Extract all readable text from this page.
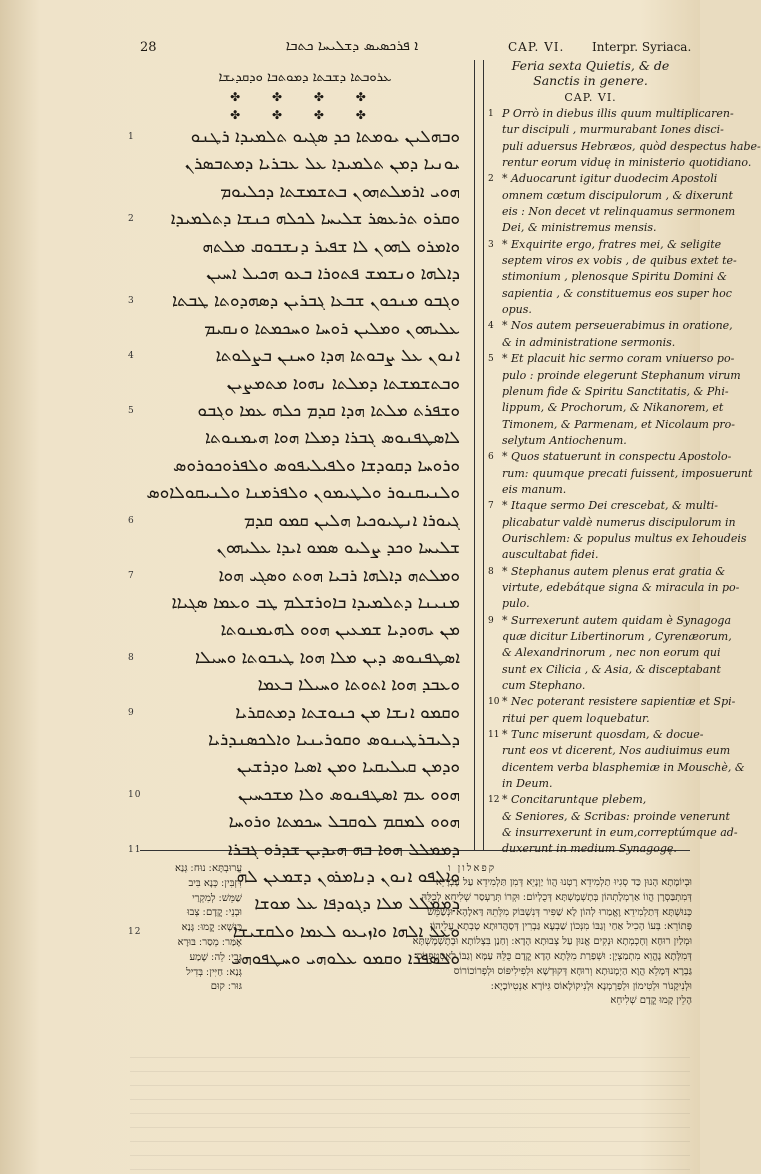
28	ܐ ܦܪܟܣܝܣ ܕܫܠܝܚܐ ܟܬܒܐ	CAP. VI. Interpr. Syriaca.
ܥܪܘܒܬܐ ܕܫܒܬܐ ܕܡܘܬܒܐ ܘܕܩܕܝܫܐ
✤ ✤ ✤ ✤
✤ ✤ ✤ ✤
ܘܒܗܠܝܢ ܝܘܡܬܐ ܟܕ ܣܓܝܘ ܬܠܡܝܕܐ ܪܛܢܘ
1
ܝܘܢܝܐ ܕܡܢ ܬܠܡܝܕܐ ܥܠ ܥܒܪܝܐ ܕܡܬܒܣܪܢ
ܗܘܝ ܐܪܡܠܬܗܘܢ ܒܬܫܡܫܬܐ ܕܟܠܝܘܡ
ܘܩܪܘ ܬܪܥܣܪ ܫܠܝܚܐ ܠܟܠܗ ܟܢܫܐ ܕܬܠܡܝܕܐ
2
ܘܐܡܪܘ ܠܗܘܢ ܠܐ ܫܦܝܪ ܕܢܫܒܘܩ ܡܠܬܗ
ܕܐܠܗܐ ܘܢܫܡܫ ܦܬܘܪܐ ܒܥܘ ܗܟܝܠ ܐܚܝܢ
ܘܓܒܘ ܡܢܟܘܢ ܫܒܥܐ ܓܒܪܝܢ ܕܣܗܕܘܬܐ ܛܒܬܐ
3
ܥܠܝܗܘܢ ܘܡܠܝܢ ܪܘܚܐ ܘܚܟܡܬܐ ܘܢܩܝܡ
ܐܢܘܢ ܥܠ ܨܒܘܬܐ ܗܕܐ ܘܚܢܢ ܒܨܠܘܬܐ
4
ܘܒܬܫܡܫܬܐ ܕܡܠܬܐ ܢܗܘܐ ܡܬܡܨܝܢ
ܘܫܦܪܬ ܡܠܬܐ ܗܕܐ ܩܕܡ ܟܠܗ ܥܡܐ ܘܓܒܘ
5
ܠܐܣܛܦܢܘܣ ܓܒܪܐ ܕܡܠܐ ܗܘܐ ܗܝܡܢܘܬܐ
ܘܪܘܚܐ ܕܩܘܕܫܐ ܘܠܦܝܠܝܦܘܣ ܘܠܦܪܘܟܘܪܘܣ
ܘܠܢܝܩܢܘܪ ܘܠܛܝܡܘܢ ܘܠܦܪܡܢܐ ܘܠܢܝܩܘܠܐܘܣ
ܓܝܘܪܐ ܐܢܛܝܘܟܝܐ ܗܠܝܢ ܩܡܘ ܩܕܡ
6
ܫܠܝܚܐ ܘܟܕ ܨܠܝܘ ܤܡܘ ܐܝܕܐ ܥܠܝܗܘܢ
ܘܡܠܬܗ ܕܐܠܗܐ ܪܒܝܐ ܗܘܬ ܘܣܓܝ ܗܘܐ
7
ܡܢܝܢܐ ܕܬܠܡܝܕܐ ܒܐܘܪܫܠܡ ܛܒ ܘܥܡܐ ܣܓܝܐܐ
ܡܢ ܝܗܘܕܝܐ ܫܡܥܝܢ ܗܘܘ ܠܗܝܡܢܘܬܐ
ܐܣܛܦܢܘܣ ܕܝܢ ܡܠܐ ܗܘܐ ܛܝܒܘܬܐ ܘܚܝܠܐ
8
ܘܥܒܕ ܗܘܐ ܐܬܘܬܐ ܘܚܝܠܐ ܒܥܡܐ
ܘܩܡܘ ܐܢܫܐ ܡܢ ܟܢܘܫܬܐ ܕܡܬܩܪܝܐ
9
ܕܠܝܒܪܛܝܢܘܣ ܘܩܘܪܝܢܝܐ ܘܐܠܟܣܢܕܪܝܐ
ܘܕܡܢ ܩܝܠܝܩܝܐ ܘܡܢ ܐܣܝܐ ܘܕܪܫܝܢ
ܗܘܘ ܥܡ ܐܣܛܦܢܘܣ ܘܠܐ ܡܫܟܚܝܢ
10
ܗܘܘ ܠܡܩܡ ܠܘܩܒܠ ܚܟܡܬܐ ܘܪܘܚܐ
ܕܡܡܠܠ ܗܘܐ ܒܗ ܗܝܕܝܢ ܫܕܪܘ ܓܒܪܐ
11
ܘܐܠܦܘ ܐܢܘܢ ܕܢܐܡܪܘܢ ܕܫܡܥܢ ܠܗ
ܕܡܡܠܠ ܡܠܐ ܕܓܘܕܦܐ ܥܠ ܡܘܫܐ
ܘܥܠ ܐܠܗܐ ܘܐܙܝܥܘ ܠܥܡܐ ܘܠܩܫܝܫܐ
12
ܘܠܣܦܪܐ ܘܩܡܘ ܥܠܘܗܝ ܘܚܛܦܘܗܝ
Feria sexta Quietis, & de Sanctis in genere.
CAP. VI.
1 P Orrò in diebus illis quum multiplicaren-
tur discipuli , murmurabant Iones disci-
puli aduersus Hebræos, quòd despectus habe-
rentur eorum viduę in ministerio quotidiano.
2 * Aduocarunt igitur duodecim Apostoli
omnem cœtum discipulorum , & dixerunt
eis : Non decet vt relinquamus sermonem
Dei, & ministremus mensis.
3 * Exquirite ergo, fratres mei, & seligite
septem viros ex vobis , de quibus extet te-
stimonium , plenosque Spiritu Domini &
sapientia , & constituemus eos super hoc
opus.
4 * Nos autem perseuerabimus in oratione,
& in administratione sermonis.
5 * Et placuit hic sermo coram vniuerso po-
pulo : proinde elegerunt Stephanum virum
plenum fide & Spiritu Sanctitatis, & Phi-
lippum, & Prochorum, & Nikanorem, et
Timonem, & Parmenam, et Nicolaum pro-
selytum Antiochenum.
6 * Quos statuerunt in conspectu Apostolo-
rum: quumque precati fuissent, imposuerunt
eis manum.
7 * Itaque sermo Dei crescebat, & multi-
plicabatur valdè numerus discipulorum in
Ourischlem: & populus multus ex Iehoudeis
auscultabat fidei.
8 * Stephanus autem plenus erat gratia &
virtute, edebátque signa & miracula in po-
pulo.
9 * Surrexerunt autem quidam è Synagoga
quæ dicitur Libertinorum , Cyrenæorum,
& Alexandrinorum , nec non eorum qui
sunt ex Cilicia , & Asia, & disceptabant
cum Stephano.
10 * Nec poterant resistere sapientiæ et Spi-
ritui per quem loquebatur.
11 * Tunc miserunt quosdam, & docue-
runt eos vt dicerent, Nos audiuimus eum
dicentem verba blasphemiæ in Mouschè, &
in Deum.
12 * Concitaruntque plebem,
& Seniores, & Scribas: proinde venerunt
& insurrexerunt in eum,correptúmque ad-
duxerunt in medium Synagogę.
עֲרוּבְתָּא ׃ נוּח ׃ גְּנַא
דִּזְבִּין ׃ כְּנָא בִּיב
שַׁמֵּשׁ ׃ לְמִקְרַי
וּבְנֵי ׃ קֳדָם ׃ צְבוּ
כִּנְשָׁא ׃ קֳמוּ ׃ גָּנַא
אֶמַּר ׃ מְסַר ׃ בּוּרָא
גָּבֵי ׃ לֵה ׃ שָׁמַע
גְּנַא ׃ חַיִּין ׃ בְּדִיל
גּוּר ׃ קוּם
קפאלון ו
וּבְיוֹמָתָא הָנוּן כַּד סְגִיוּ תַלְמִידֵא רָטְנוּ הֲווֹ יַוְנָיֵא דְּמִן תַּלְמִידֵא עַל עֶבְרָיֵא
דְּמִתְבַּסְרָן הֲווֹ אַרְמְלָתְהוֹן בְּתֶשְׁמֶשְׁתָּא דְּכֻלְיוֹם ׃ וּקְרוֹ תְּרַעְסַר שְׁלִיחֵא לְכֻלֵּהּ
כְּנוּשְׁתָּא דְּתַלְמִידֵא וֶאֱמַרוּ לְהוֹן לָא שַׁפִּיר דְּנִשְׁבּוֹק מִלְּתֵהּ דַּאלָהָא וּנְשַׁמֵּשׁ
פָּתוֹרֵא ׃ בְּעוֹ הָכִיל אַחַי וְגַבּוֹ מִנְּכוֹן שַׁבְעָא גַּבְרִין דְּסָהֲדוּתָא טָבְתָא עֲלֵיהוֹן
וּמְלַיִן רוּחָא וְחֶכְמְתָא וּנְקִים אֱנוּן עַל צְבוּתָא הָדָא ׃ וְחַנַן בִּצְלוֹתָא וּבְתֶשְׁמֶשְׁתָּא
דְּמִלְּתָא נֶהֱוֵא מִתְמַצְיָן ׃ וּשְׁפַרַת מִלְּתָא הָדָא קֳדָם כֻּלֵּהּ עַמָּא וְגַבּוֹ לְאֶסְטְפָנוֹס
גַּבְרָא דְּמָלֵא הֲוָא הַיְמָנוּתָא וְרוּחָא דְּקוּדְשָׁא וּלְפִילִיפּוֹס וּלְפְרוֹכוֹרוֹס
וּלְנִיקָנוֹר וּלְטִימוֹן וּלְפַרְמְנָא וּלְנִיקוֹלָאוֹס גִּיּוֹרָא אַנְטִיוֹכָיָא ׃
הָלֵין קָמוּ קֳדָם שְׁלִיחֵא
